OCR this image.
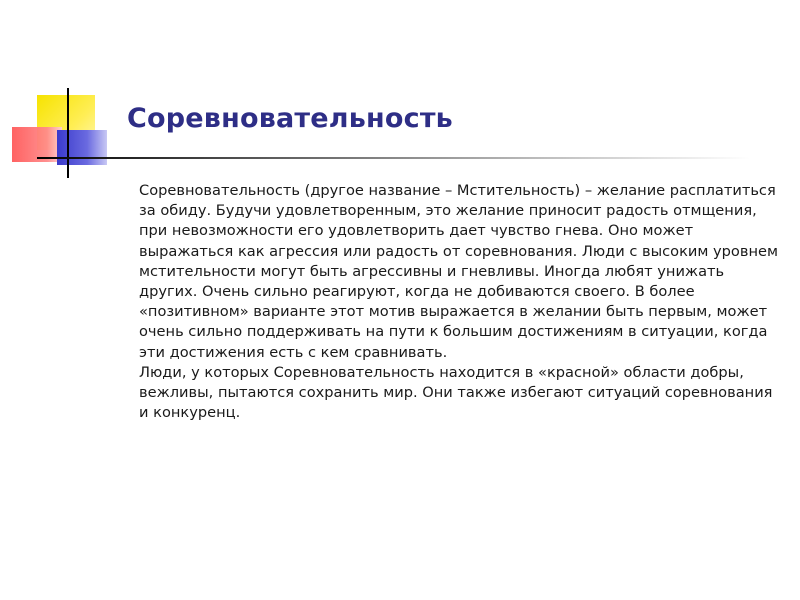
Соревновательность

Соревновательность (другое название – Мстительность) – желание расплатиться за обиду. Будучи удовлетворенным, это желание приносит радость отмщения, при невозможности его удовлетворить дает чувство гнева. Оно может выражаться как агрессия или радость от соревнования. Люди с высоким уровнем мстительности могут быть агрессивны и гневливы. Иногда любят унижать других. Очень сильно реагируют, когда не добиваются своего. В более «позитивном» варианте этот мотив выражается в желании быть первым, может очень сильно поддерживать на пути к большим достижениям в ситуации, когда эти достижения есть с кем сравнивать.

Люди, у которых Соревновательность находится в «красной» области добры, вежливы, пытаются сохранить мир. Они также избегают ситуаций соревнования и конкуренц.
